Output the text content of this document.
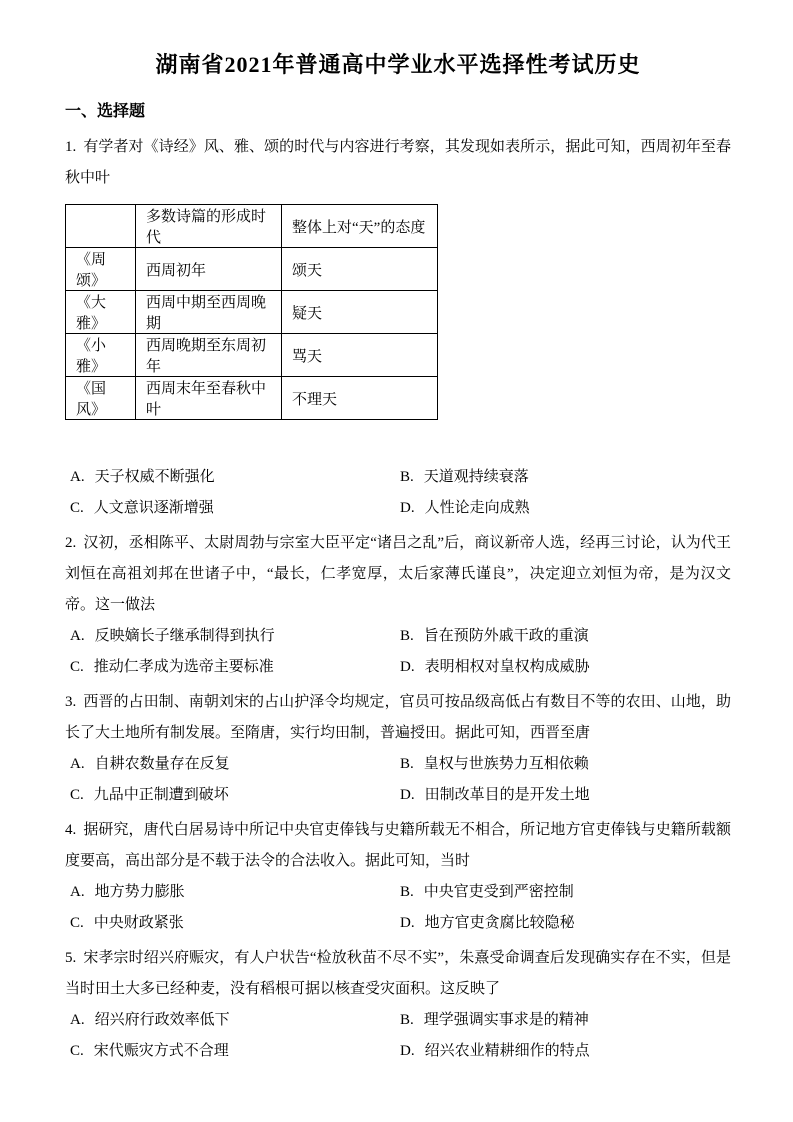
湖南省2021年普通高中学业水平选择性考试历史
一、选择题

1. 有学者对《诗经》风、雅、颂的时代与内容进行考察，其发现如表所示，据此可知，西周初年至春秋中叶

	多数诗篇的形成时代	整体上对“天”的态度
《周颂》	西周初年	颂天
《大雅》	西周中期至西周晚期	疑天
《小雅》	西周晚期至东周初年	骂天
《国风》	西周末年至春秋中叶	不理天
A. 天子权威不断强化	B. 天道观持续衰落
C. 人文意识逐渐增强	D. 人性论走向成熟

2. 汉初，丞相陈平、太尉周勃与宗室大臣平定“诸吕之乱”后，商议新帝人选，经再三讨论，认为代王刘恒在高祖刘邦在世诸子中，“最长，仁孝宽厚，太后家薄氏谨良”，决定迎立刘恒为帝，是为汉文帝。这一做法

A. 反映嫡长子继承制得到执行	B. 旨在预防外戚干政的重演
C. 推动仁孝成为选帝主要标准	D. 表明相权对皇权构成威胁

3. 西晋的占田制、南朝刘宋的占山护泽令均规定，官员可按品级高低占有数目不等的农田、山地，助长了大土地所有制发展。至隋唐，实行均田制，普遍授田。据此可知，西晋至唐

A. 自耕农数量存在反复	B. 皇权与世族势力互相依赖
C. 九品中正制遭到破坏	D. 田制改革目的是开发土地

4. 据研究，唐代白居易诗中所记中央官吏俸钱与史籍所载无不相合，所记地方官吏俸钱与史籍所载额度要高，高出部分是不载于法令的合法收入。据此可知，当时

A. 地方势力膨胀	B. 中央官吏受到严密控制
C. 中央财政紧张	D. 地方官吏贪腐比较隐秘

5. 宋孝宗时绍兴府赈灾，有人户状告“检放秋苗不尽不实”，朱熹受命调查后发现确实存在不实，但是当时田土大多已经种麦，没有稻根可据以核查受灾面积。这反映了

A. 绍兴府行政效率低下	B. 理学强调实事求是的精神
C. 宋代赈灾方式不合理	D. 绍兴农业精耕细作的特点
